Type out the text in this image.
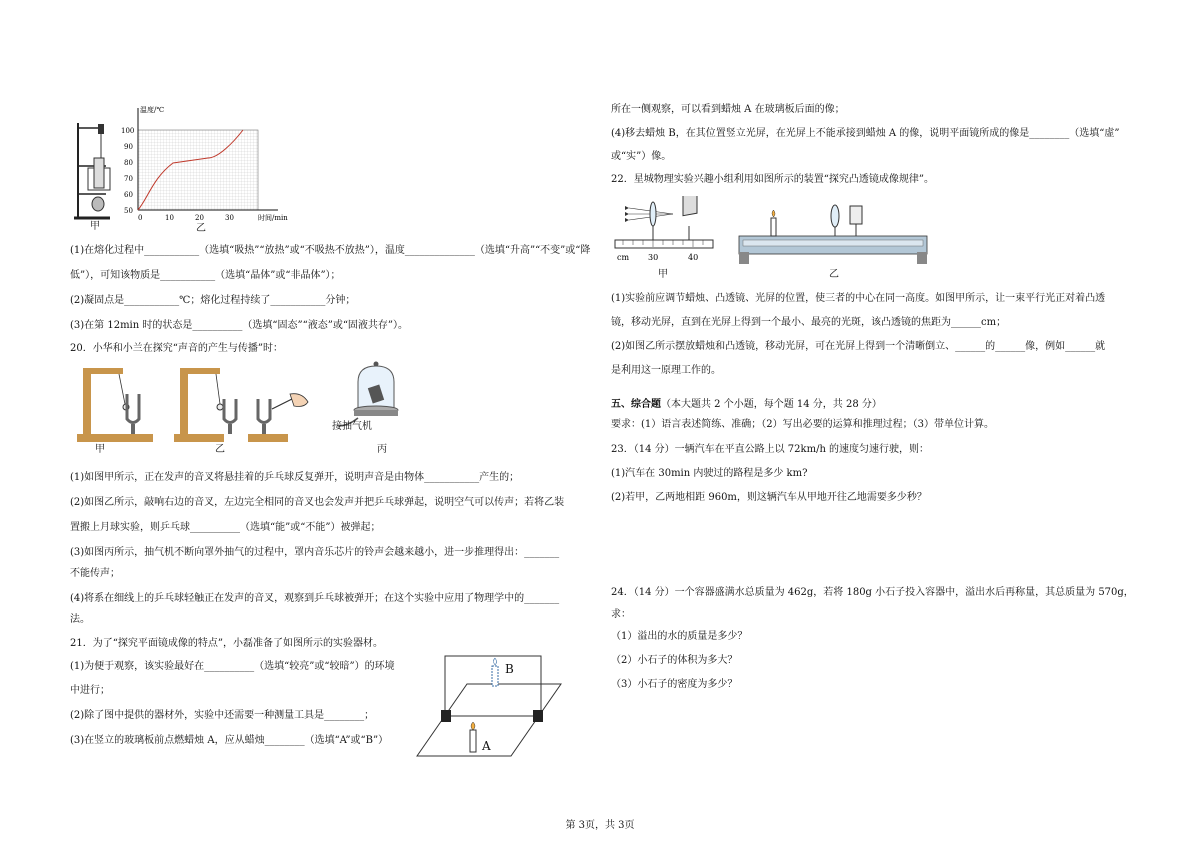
甲
100
90
80
70
60
50
0	10	20	30
温度/℃
时间/min
乙
(1)在熔化过程中___________（选填“吸热”“放热”或“不吸热不放热”），温度______________（选填“升高”“不变”或“降
低”），可知该物质是___________（选填“晶体”或“非晶体”）；
(2)凝固点是___________℃；熔化过程持续了___________分钟；
(3)在第 12min 时的状态是__________（选填“固态”“液态”或“固液共存”）。
20．小华和小兰在探究“声音的产生与传播”时：
甲	乙
接抽气机
丙
(1)如图甲所示，正在发声的音叉将悬挂着的乒乓球反复弹开，说明声音是由物体___________产生的；
(2)如图乙所示，敲响右边的音叉，左边完全相同的音叉也会发声并把乒乓球弹起，说明空气可以传声；若将乙装
置搬上月球实验，则乒乓球__________（选填“能”或“不能”）被弹起；
(3)如图丙所示，抽气机不断向罩外抽气的过程中，罩内音乐芯片的铃声会越来越小，进一步推理得出：_______
不能传声；
(4)将系在细线上的乒乓球轻触正在发声的音叉，观察到乒乓球被弹开；在这个实验中应用了物理学中的_______
法。
21．为了“探究平面镜成像的特点”，小磊准备了如图所示的实验器材。
(1)为便于观察，该实验最好在__________（选填“较亮”或“较暗”）的环境
中进行；
(2)除了图中提供的器材外，实验中还需要一种测量工具是________；
(3)在竖立的玻璃板前点燃蜡烛 A，应从蜡烛________（选填“A”或“B”）	A
B
所在一侧观察，可以看到蜡烛 A 在玻璃板后面的像；
(4)移去蜡烛 B，在其位置竖立光屏，在光屏上不能承接到蜡烛 A 的像，说明平面镜所成的像是________（选填“虚”
或“实”）像。
22．星城物理实验兴趣小组利用如图所示的装置“探究凸透镜成像规律”。
cm 30	40
甲	乙
(1)实验前应调节蜡烛、凸透镜、光屏的位置，使三者的中心在同一高度。如图甲所示，让一束平行光正对着凸透
镜，移动光屏，直到在光屏上得到一个最小、最亮的光斑，该凸透镜的焦距为______cm；
(2)如图乙所示摆放蜡烛和凸透镜，移动光屏，可在光屏上得到一个清晰倒立、______的______像，例如______就
是利用这一原理工作的。
五、综合题（本大题共 2 个小题，每个题 14 分，共 28 分）
要求：(1）语言表述简练、准确；（2）写出必要的运算和推理过程；（3）带单位计算。
23．（14 分）一辆汽车在平直公路上以 72km/h 的速度匀速行驶，则：
(1)汽车在 30min 内驶过的路程是多少 km?
(2)若甲，乙两地相距 960m，则这辆汽车从甲地开往乙地需要多少秒？
24．（14 分）一个容器盛满水总质量为 462g，若将 180g 小石子投入容器中，溢出水后再称量，其总质量为 570g，
求：
（1）溢出的水的质量是多少？
（2）小石子的体积为多大？
（3）小石子的密度为多少？
第 3页，共 3页
